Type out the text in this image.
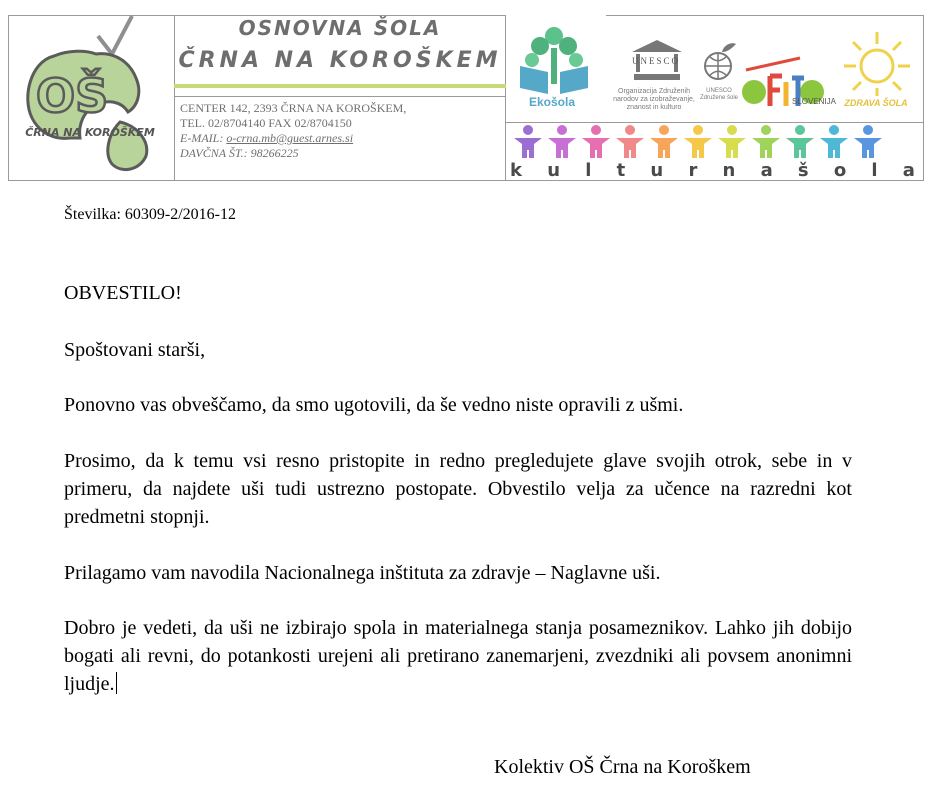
OŠ
ČRNA NA KOROŠKEM
OSNOVNA ŠOLA
ČRNA NA KOROŠKEM
CENTER 142, 2393 ČRNA NA KOROŠKEM,
TEL. 02/8704140 FAX 02/8704150
E-MAIL: o-crna.mb@guest.arnes.si
DAVČNA ŠT.: 98266225
Ekošola
UNESCO
Organizacija Združenih narodov za izobraževanje, znanost in kulturo
UNESCO Združene šole	SLOVENIJA ZDRAVA ŠOLA
k u l t u r n a š o l a
Številka: 60309-2/2016-12
OBVESTILO!
Spoštovani starši,
Ponovno vas obveščamo, da smo ugotovili, da še vedno niste opravili z ušmi.
Prosimo, da k temu vsi resno pristopite in redno pregledujete glave svojih otrok, sebe in v primeru, da najdete uši tudi ustrezno postopate. Obvestilo velja za učence na razredni kot predmetni stopnji.
Prilagamo vam navodila Nacionalnega inštituta za zdravje – Naglavne uši.
Dobro je vedeti, da uši ne izbirajo spola in materialnega stanja posameznikov. Lahko jih dobijo bogati ali revni, do potankosti urejeni ali pretirano zanemarjeni, zvezdniki ali povsem anonimni ljudje.
Kolektiv OŠ Črna na Koroškem
